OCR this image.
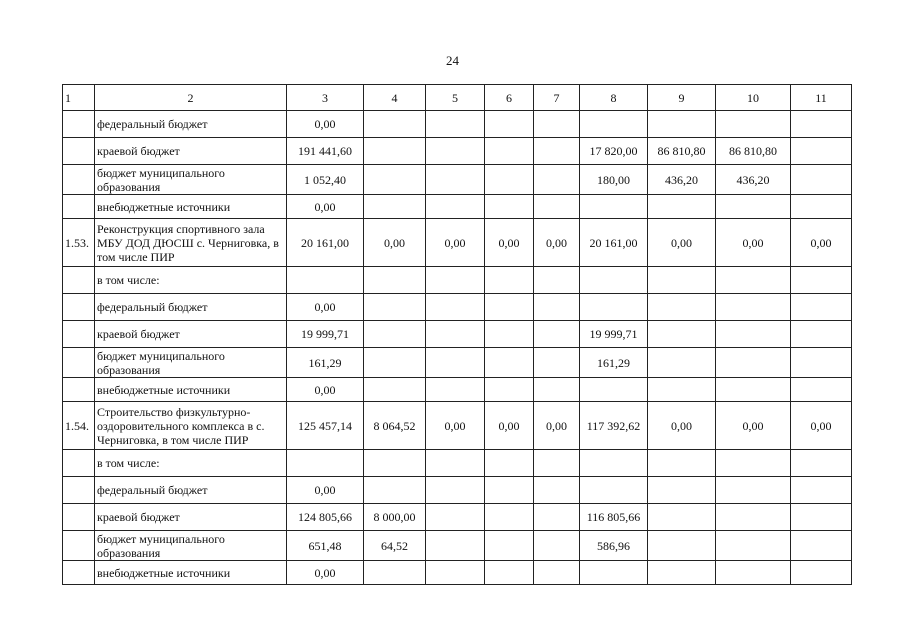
24
1	2	3	4	5	6	7	8	9	10	11
	федеральный бюджет	0,00								
	краевой бюджет	191 441,60					17 820,00	86 810,80	86 810,80	
	бюджет муниципального образования	1 052,40					180,00	436,20	436,20	
	внебюджетные источники	0,00								
1.53.	Реконструкция спортивного зала МБУ ДОД ДЮСШ с. Черниговка, в том числе ПИР	20 161,00	0,00	0,00	0,00	0,00	20 161,00	0,00	0,00	0,00
	в том числе:									
	федеральный бюджет	0,00								
	краевой бюджет	19 999,71					19 999,71			
	бюджет муниципального образования	161,29					161,29			
	внебюджетные источники	0,00								
1.54.	Строительство физкультурно-оздоровительного комплекса в с. Черниговка, в том числе ПИР	125 457,14	8 064,52	0,00	0,00	0,00	117 392,62	0,00	0,00	0,00
	в том числе:									
	федеральный бюджет	0,00								
	краевой бюджет	124 805,66	8 000,00				116 805,66			
	бюджет муниципального образования	651,48	64,52				586,96			
	внебюджетные источники	0,00								
